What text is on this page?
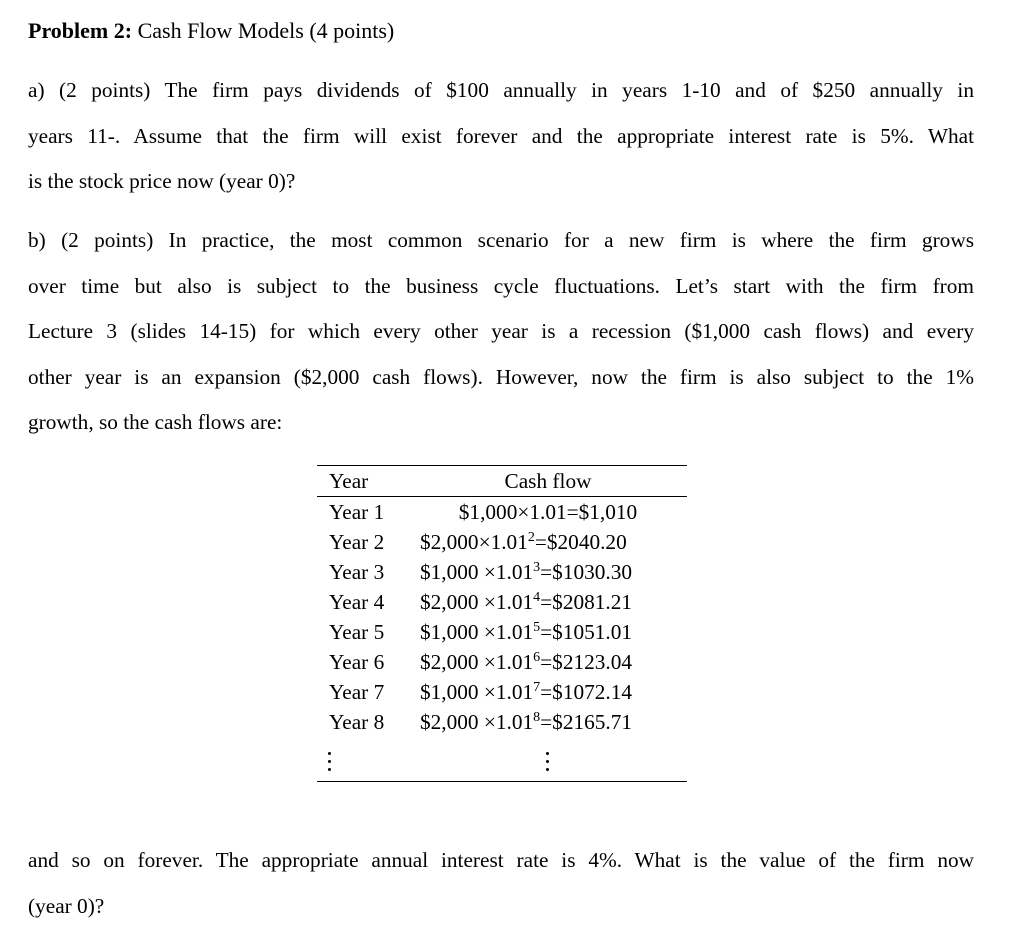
Problem 2: Cash Flow Models (4 points)
a) (2 points) The firm pays dividends of $100 annually in years 1-10 and of $250 annually in
years 11-. Assume that the firm will exist forever and the appropriate interest rate is 5%. What
is the stock price now (year 0)?
b) (2 points) In practice, the most common scenario for a new firm is where the firm grows
over time but also is subject to the business cycle fluctuations. Let’s start with the firm from
Lecture 3 (slides 14-15) for which every other year is a recession ($1,000 cash flows) and every
other year is an expansion ($2,000 cash flows). However, now the firm is also subject to the 1%
growth, so the cash flows are:
Year	Cash flow
Year 1	$1,000×1.01=$1,010
Year 2 $\$2,000\times 1.01^2=\$2040.20$
Year 3 $1,000 $\times 1.01^3=\$1030.30$
Year 4 $2,000 $\times 1.01^4=\$2081.21$
Year 5 $1,000 $\times 1.01^5=\$1051.01$
Year 6 $2,000 $\times 1.01^6=\$2123.04$
Year 7 $1,000 $\times 1.01^7=\$1072.14$
Year 8 $2,000 $\times 1.01^8=\$2165.71$
and so on forever. The appropriate annual interest rate is 4%. What is the value of the firm now
(year 0)?
